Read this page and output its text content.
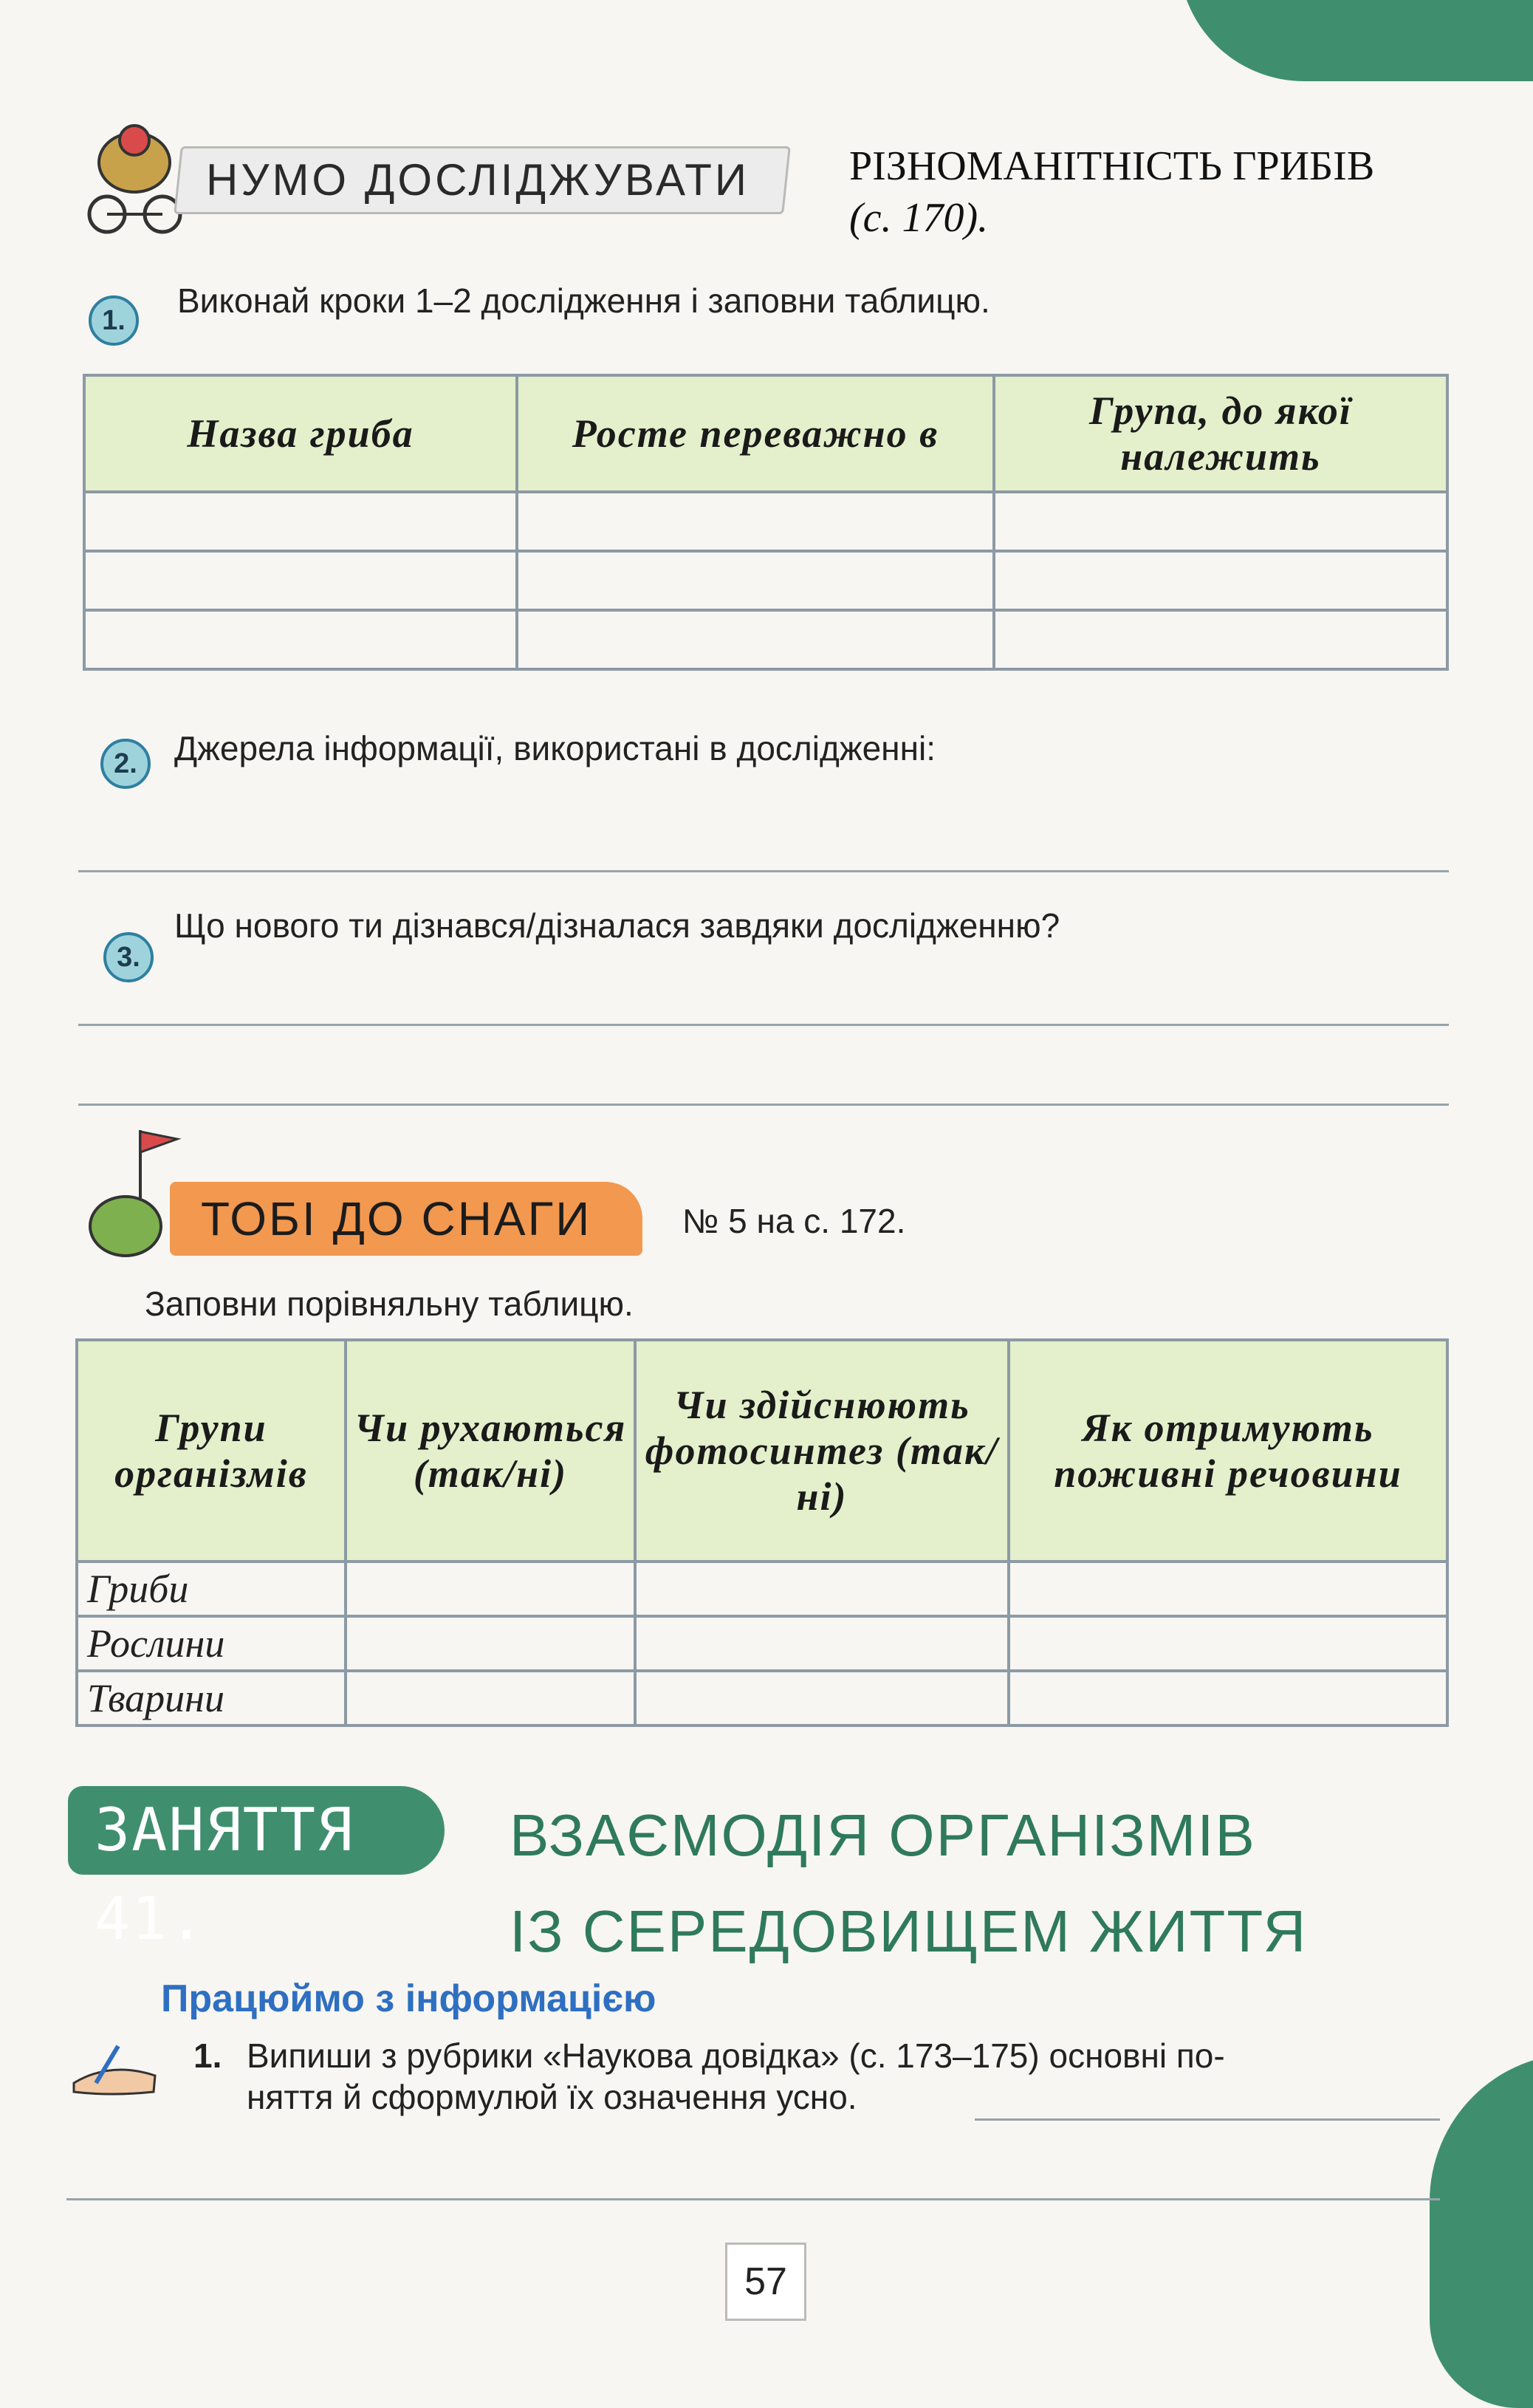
НУМО ДОСЛІДЖУВАТИ	РІЗНОМАНІТНІСТЬ ГРИБІВ
(с. 170).
1.
Виконай кроки 1–2 дослідження і заповни таблицю.
Назва гриба	Росте переважно в	Група, до якої належить

2.	Джерела інформації, використані в дослідженні:
3.
Що нового ти дізнався/дізналася завдяки дослідженню?
ТОБІ ДО СНАГИ	№ 5 на с. 172.
Заповни порівняльну таблицю.
Групи організмів	Чи рухаються (так/ні)	Чи здійснюють фотосинтез (так/ні)	Як отримують поживні речовини
Гриби			
Рослини			
Тварини			
ЗАНЯТТЯ 41.
ВЗАЄМОДІЯ ОРГАНІЗМІВ
ІЗ СЕРЕДОВИЩЕМ ЖИТТЯ
Працюймо з інформацією
1. Випиши з рубрики «Наукова довідка» (с. 173–175) основні по-
няття й сформулюй їх означення усно.
57
